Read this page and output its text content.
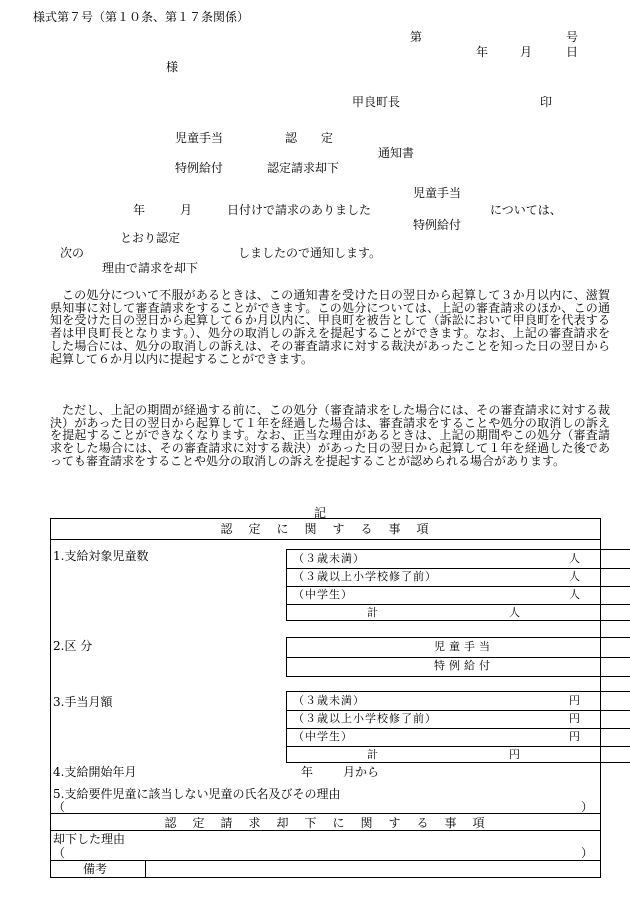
様式第７号（第１０条、第１７条関係）
第	号
年	月	日
様
甲良町長	印
児童手当	認　　定
特例給付	認定請求却下
通知書
児童手当
年	月	日付けで請求のありました	については、
特例給付
とおり認定
次の	しましたので通知します。
理由で請求を却下
この処分について不服があるときは、この通知書を受けた日の翌日から起算して３か月以内に、滋賀県知事に対して審査請求をすることができます。この処分については、上記の審査請求のほか、この通知を受けた日の翌日から起算して６か月以内に、甲良町を被告として（訴訟において甲良町を代表する者は甲良町長となります。）、処分の取消しの訴えを提起することができます。なお、上記の審査請求をした場合には、処分の取消しの訴えは、その審査請求に対する裁決があったことを知った日の翌日から起算して６か月以内に提起することができます。
ただし、上記の期間が経過する前に、この処分（審査請求をした場合には、その審査請求に対する裁決）があった日の翌日から起算して１年を経過した場合は、審査請求をすることや処分の取消しの訴えを提起することができなくなります。なお、正当な理由があるときは、上記の期間やこの処分（審査請求をした場合には、その審査請求に対する裁決）があった日の翌日から起算して１年を経過した後であっても審査請求をすることや処分の取消しの訴えを提起することが認められる場合があります。
記
認　定　に　関　す　る　事　項
1.支給対象児童数	（３歳未満）	人
（３歳以上小学校修了前）	人
（中学生）	人
計	人
2.区 分	児童手当
特例給付
3.手当月額	（３歳未満）	円
（３歳以上小学校修了前）	円
（中学生）	円
計	円
4.支給開始年月	年 月から
5.支給要件児童に該当しない児童の氏名及びその理由
（	）
認　定　請　求　却　下　に　関　す　る　事　項
却下した理由
（	）
備考
